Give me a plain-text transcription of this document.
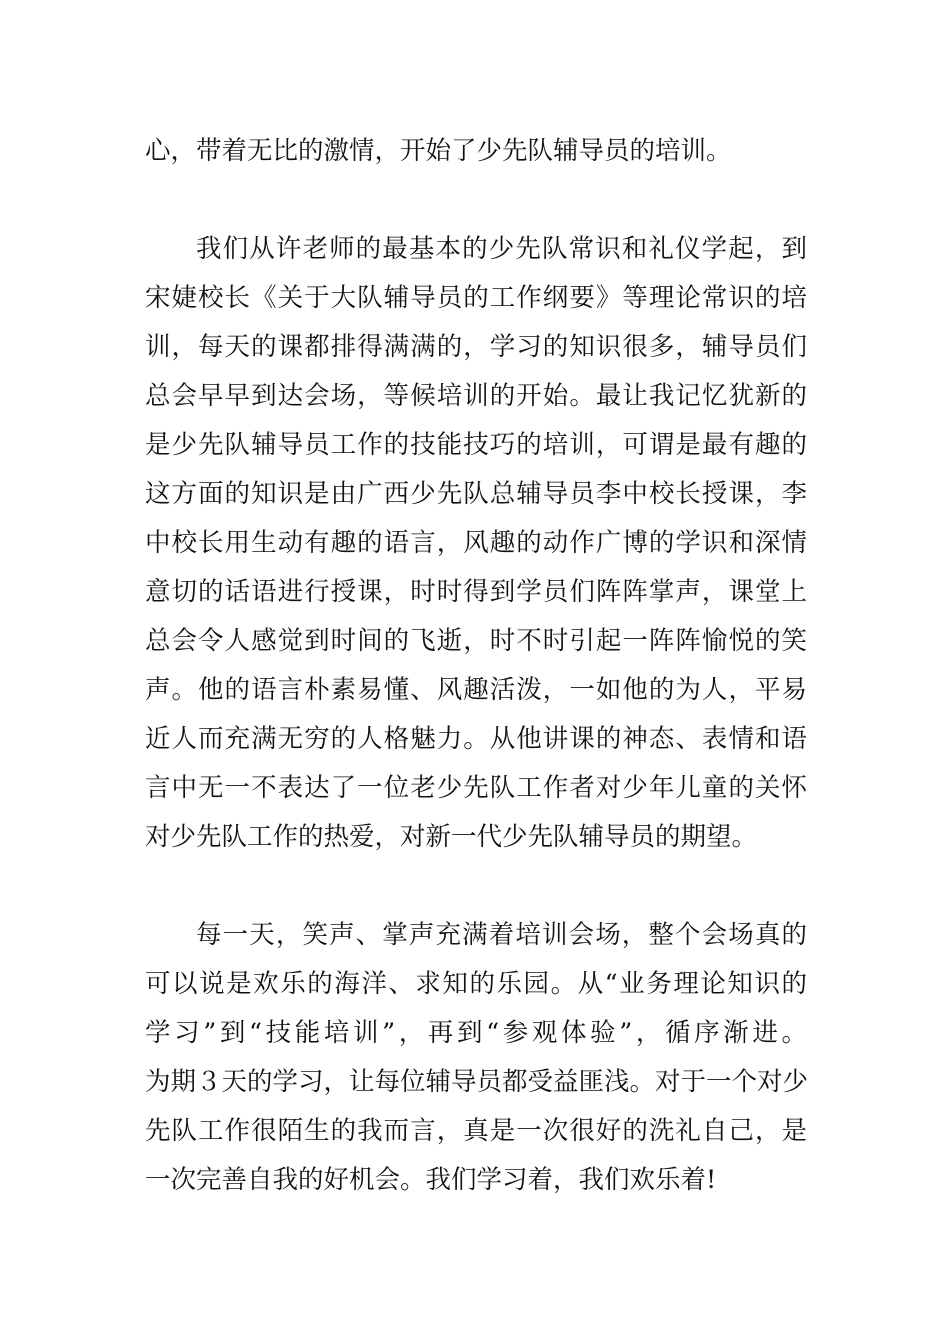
心，带着无比的激情，开始了少先队辅导员的培训。
我们从许老师的最基本的少先队常识和礼仪学起，到
宋婕校长《关于大队辅导员的工作纲要》等理论常识的培
训，每天的课都排得满满的，学习的知识很多，辅导员们
总会早早到达会场，等候培训的开始。最让我记忆犹新的
是少先队辅导员工作的技能技巧的培训，可谓是最有趣的
这方面的知识是由广西少先队总辅导员李中校长授课，李
中校长用生动有趣的语言，风趣的动作广博的学识和深情
意切的话语进行授课，时时得到学员们阵阵掌声，课堂上
总会令人感觉到时间的飞逝，时不时引起一阵阵愉悦的笑
声。他的语言朴素易懂、风趣活泼，一如他的为人，平易
近人而充满无穷的人格魅力。从他讲课的神态、表情和语
言中无一不表达了一位老少先队工作者对少年儿童的关怀
对少先队工作的热爱，对新一代少先队辅导员的期望。
每一天，笑声、掌声充满着培训会场，整个会场真的
可以说是欢乐的海洋、求知的乐园。从“业务理论知识的
学习”到“技能培训”，再到“参观体验”，循序渐进。
为期３天的学习，让每位辅导员都受益匪浅。对于一个对少
先队工作很陌生的我而言，真是一次很好的洗礼自己，是
一次完善自我的好机会。我们学习着，我们欢乐着!
